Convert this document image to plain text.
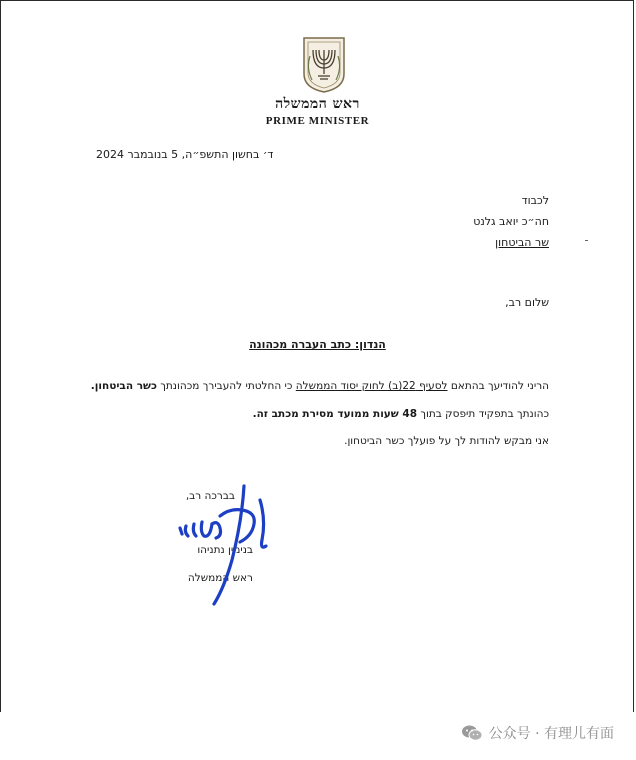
ראש הממשלה
PRIME MINISTER
ד׳ בחשון התשפ״ה, 5 בנובמבר 2024
לכבוד
חה״כ יואב גלנט
שר הביטחון
שלום רב,
הנדון: כתב העברה מכהונה
הריני להודיעך בהתאם לסעיף 22(ב) לחוק יסוד הממשלה כי החלטתי להעבירך מכהונתך כשר הביטחון.
כהונתך בתפקיד תיפסק בתוך 48 שעות ממועד מסירת מכתב זה.
אני מבקש להודות לך על פועלך כשר הביטחון.
בברכה רב,
בנימין נתניהו
ראש הממשלה
公众号 · 有理儿有面
